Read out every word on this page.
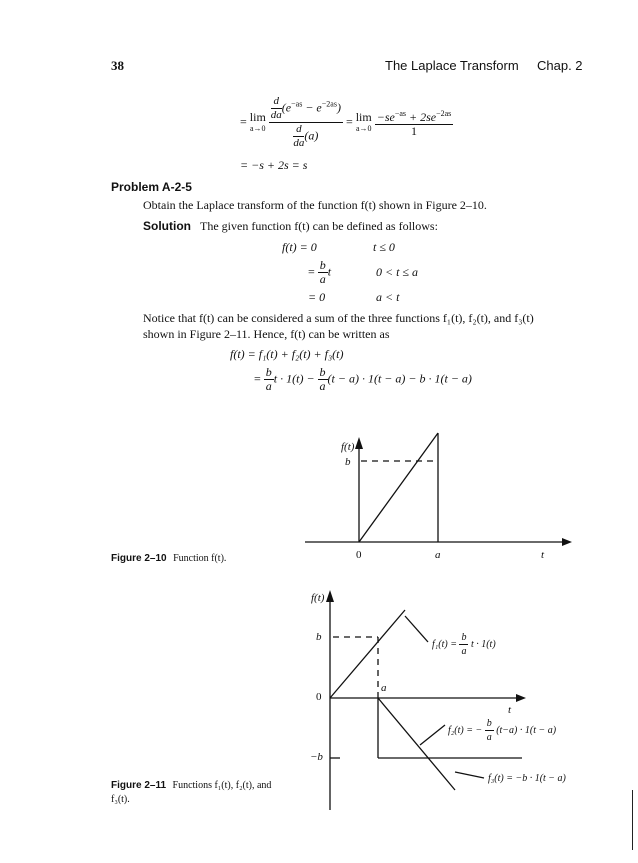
38	The Laplace Transform Chap. 2
= lim
a→0
$\frac{\frac{d}{da} (e^{-as} - e^{-2as})}{\frac{d}{da} (a)} = \lim$
a→0
$\frac{-se^{-as} + 2se^{-2as}}{1}$
= −s + 2s = s
Problem A-2-5
Obtain the Laplace transform of the function f(t) shown in Figure 2–10.
Solution The given function f(t) can be defined as follows:
f(t) = 0	t ≤ 0
= $\frac{b}{a}$ t	0 < t ≤ a
= 0	a < t
Notice that f(t) can be considered a sum of the three functions f₁(t), f₂(t), and f₃(t)
shown in Figure 2–11. Hence, f(t) can be written as
f(t) = f₁(t) + f₂(t) + f₃(t)
= $\frac{b}{a}$ $t \cdot 1(t) - \frac{b}{a} (t - a) \cdot 1(t - a) - b \cdot 1(t - a)$
f(t)
b
0	a	t
Figure 2–10 Function f(t).
f(t)
b
0
−b
a
t
$f_1(t) = \frac{b}{a}$ t · 1(t)
f₂(t) = − $\frac{b}{a} (t-a) \cdot 1(t - a)$
f₃(t) = −b · 1(t − a)
Figure 2–11 Functions f₁(t), f₂(t), and
f₃(t).
